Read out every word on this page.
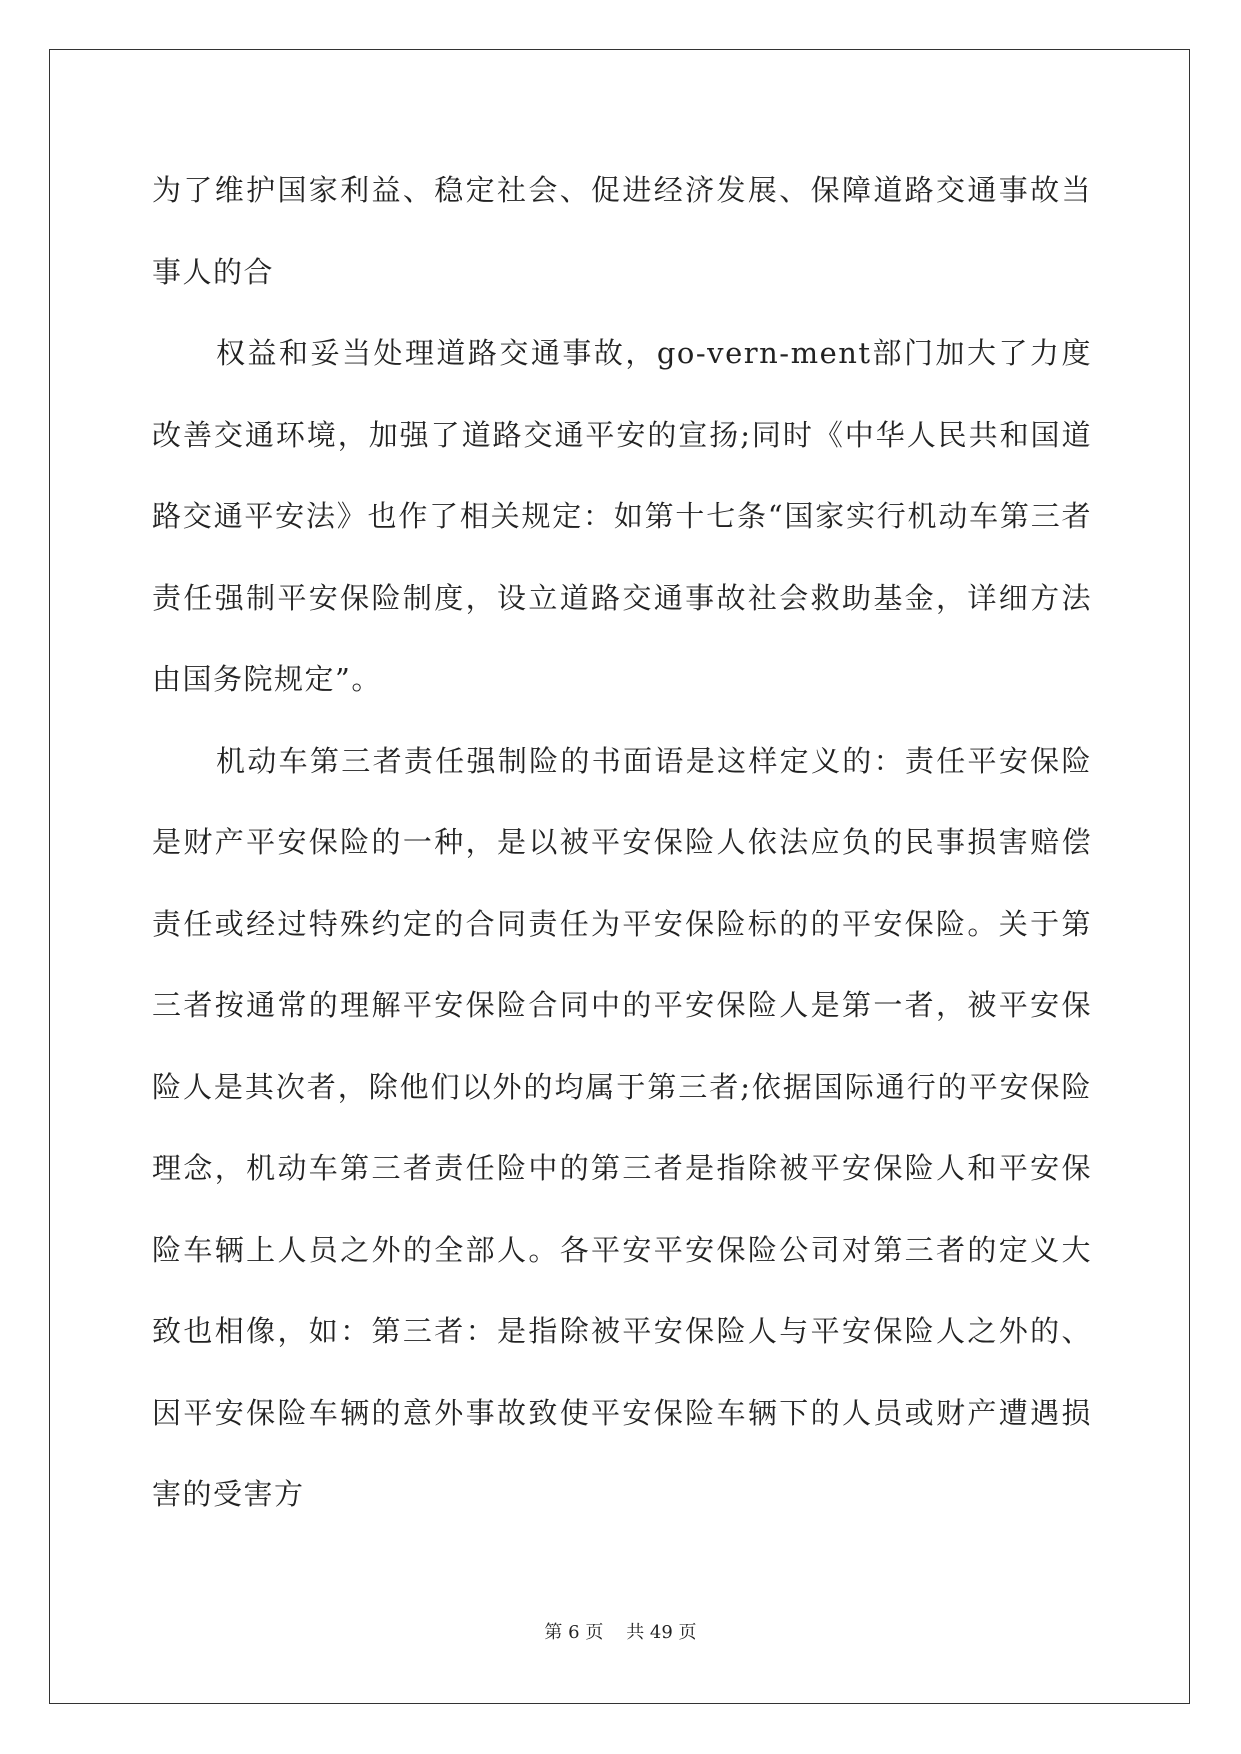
为了维护国家利益、稳定社会、促进经济发展、保障道路交通事故当事人的合

权益和妥当处理道路交通事故，go-vern-ment部门加大了力度改善交通环境，加强了道路交通平安的宣扬;同时《中华人民共和国道路交通平安法》也作了相关规定：如第十七条“国家实行机动车第三者责任强制平安保险制度，设立道路交通事故社会救助基金，详细方法由国务院规定”。

机动车第三者责任强制险的书面语是这样定义的：责任平安保险是财产平安保险的一种，是以被平安保险人依法应负的民事损害赔偿责任或经过特殊约定的合同责任为平安保险标的的平安保险。关于第三者按通常的理解平安保险合同中的平安保险人是第一者，被平安保险人是其次者，除他们以外的均属于第三者;依据国际通行的平安保险理念，机动车第三者责任险中的第三者是指除被平安保险人和平安保险车辆上人员之外的全部人。各平安平安保险公司对第三者的定义大致也相像，如：第三者：是指除被平安保险人与平安保险人之外的、因平安保险车辆的意外事故致使平安保险车辆下的人员或财产遭遇损害的受害方

第 6 页    共 49 页
